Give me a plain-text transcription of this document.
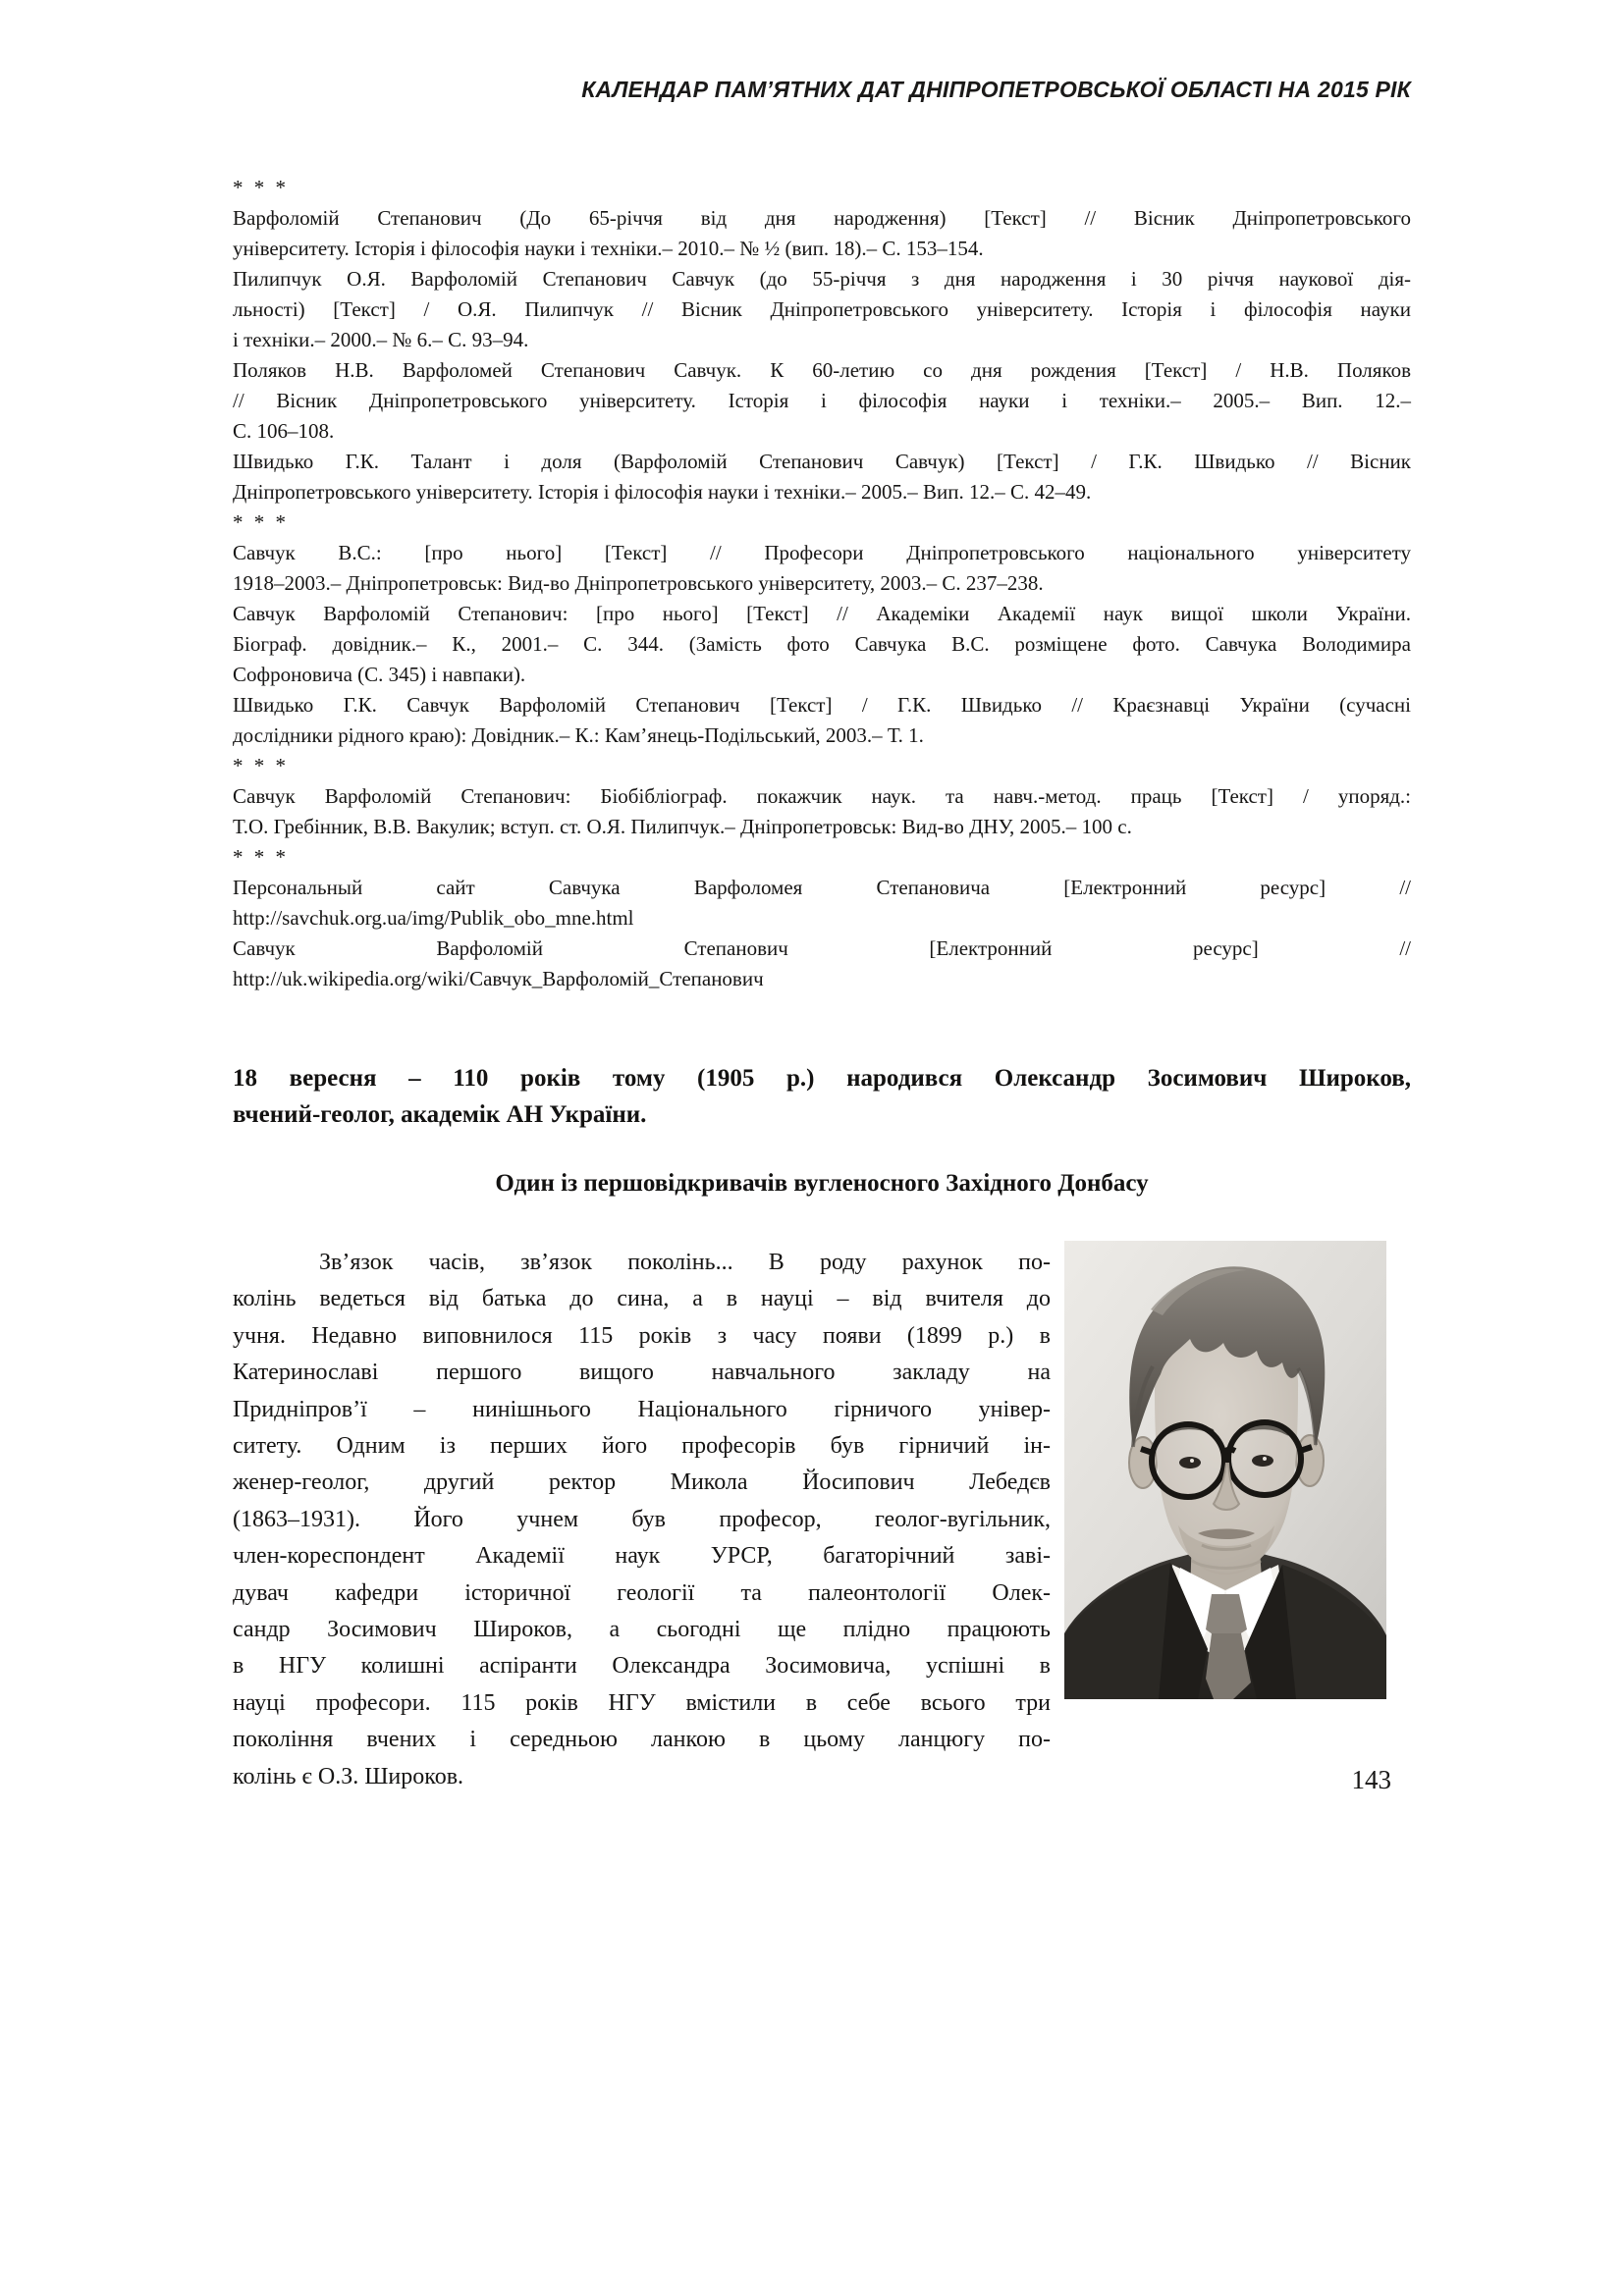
КАЛЕНДАР ПАМ’ЯТНИХ ДАТ ДНІПРОПЕТРОВСЬКОЇ ОБЛАСТІ НА 2015 РІК
* * *
Варфоломій Степанович (До 65-річчя від дня народження) [Текст] // Вісник Дніпропетровського
університету. Історія і філософія науки і техніки.– 2010.– № ½ (вип. 18).– С. 153–154.
Пилипчук О.Я. Варфоломій Степанович Савчук (до 55-річчя з дня народження і 30 річчя наукової дія-
льності) [Текст] / О.Я. Пилипчук // Вісник Дніпропетровського університету. Історія і філософія науки
і техніки.– 2000.– № 6.– С. 93–94.
Поляков Н.В. Варфоломей Степанович Савчук. К 60-летию со дня рождения [Текст] / Н.В. Поляков
// Вісник Дніпропетровського університету. Історія і філософія науки і техніки.– 2005.– Вип. 12.–
С. 106–108.
Швидько Г.К. Талант і доля (Варфоломій Степанович Савчук) [Текст] / Г.К. Швидько // Вісник
Дніпропетровського університету. Історія і філософія науки і техніки.– 2005.– Вип. 12.– С. 42–49.
* * *
Савчук В.С.: [про нього] [Текст] // Професори Дніпропетровського національного університету
1918–2003.– Дніпропетровськ: Вид-во Дніпропетровського університету, 2003.– С. 237–238.
Савчук Варфоломій Степанович: [про нього] [Текст] // Академіки Академії наук вищої школи України.
Біограф. довідник.– К., 2001.– С. 344. (Замість фото Савчука В.С. розміщене фото. Савчука Володимира
Софроновича (С. 345) і навпаки).
Швидько Г.К. Савчук Варфоломій Степанович [Текст] / Г.К. Швидько // Краєзнавці України (сучасні
дослідники рідного краю): Довідник.– К.: Кам’янець-Подільський, 2003.– Т. 1.
* * *
Савчук Варфоломій Степанович: Біобібліограф. покажчик наук. та навч.-метод. праць [Текст] / упоряд.:
Т.О. Гребінник, В.В. Вакулик; вступ. ст. О.Я. Пилипчук.– Дніпропетровськ: Вид-во ДНУ, 2005.– 100 с.
* * *
Персональный сайт Савчука Варфоломея Степановича [Електронний ресурс] //
http://savchuk.org.ua/img/Publik_obo_mne.html
Савчук Варфоломій Степанович [Електронний ресурс] //
http://uk.wikipedia.org/wiki/Савчук_Варфоломій_Степанович
18 вересня – 110 років тому (1905 р.) народився Олександр Зосимович Широков,
вчений-геолог, академік АН України.
Один із першовідкривачів вугленосного Західного Донбасу
Зв’язок часів, зв’язок поколінь... В роду рахунок по-
колінь ведеться від батька до сина, а в науці – від вчителя до
учня. Недавно виповнилося 115 років з часу появи (1899 р.) в
Катеринославі першого вищого навчального закладу на
Придніпров’ї – нинішнього Національного гірничого універ-
ситету. Одним із перших його професорів був гірничий ін-
женер-геолог, другий ректор Микола Йосипович Лебедєв
(1863–1931). Його учнем був професор, геолог-вугільник,
член-кореспондент Академії наук УРСР, багаторічний заві-
дувач кафедри історичної геології та палеонтології Олек-
сандр Зосимович Широков, а сьогодні ще плідно працюють
в НГУ колишні аспіранти Олександра Зосимовича, успішні в
науці професори. 115 років НГУ вмістили в себе всього три
покоління вчених і середньою ланкою в цьому ланцюгу по-
колінь є О.З. Широков.	143
